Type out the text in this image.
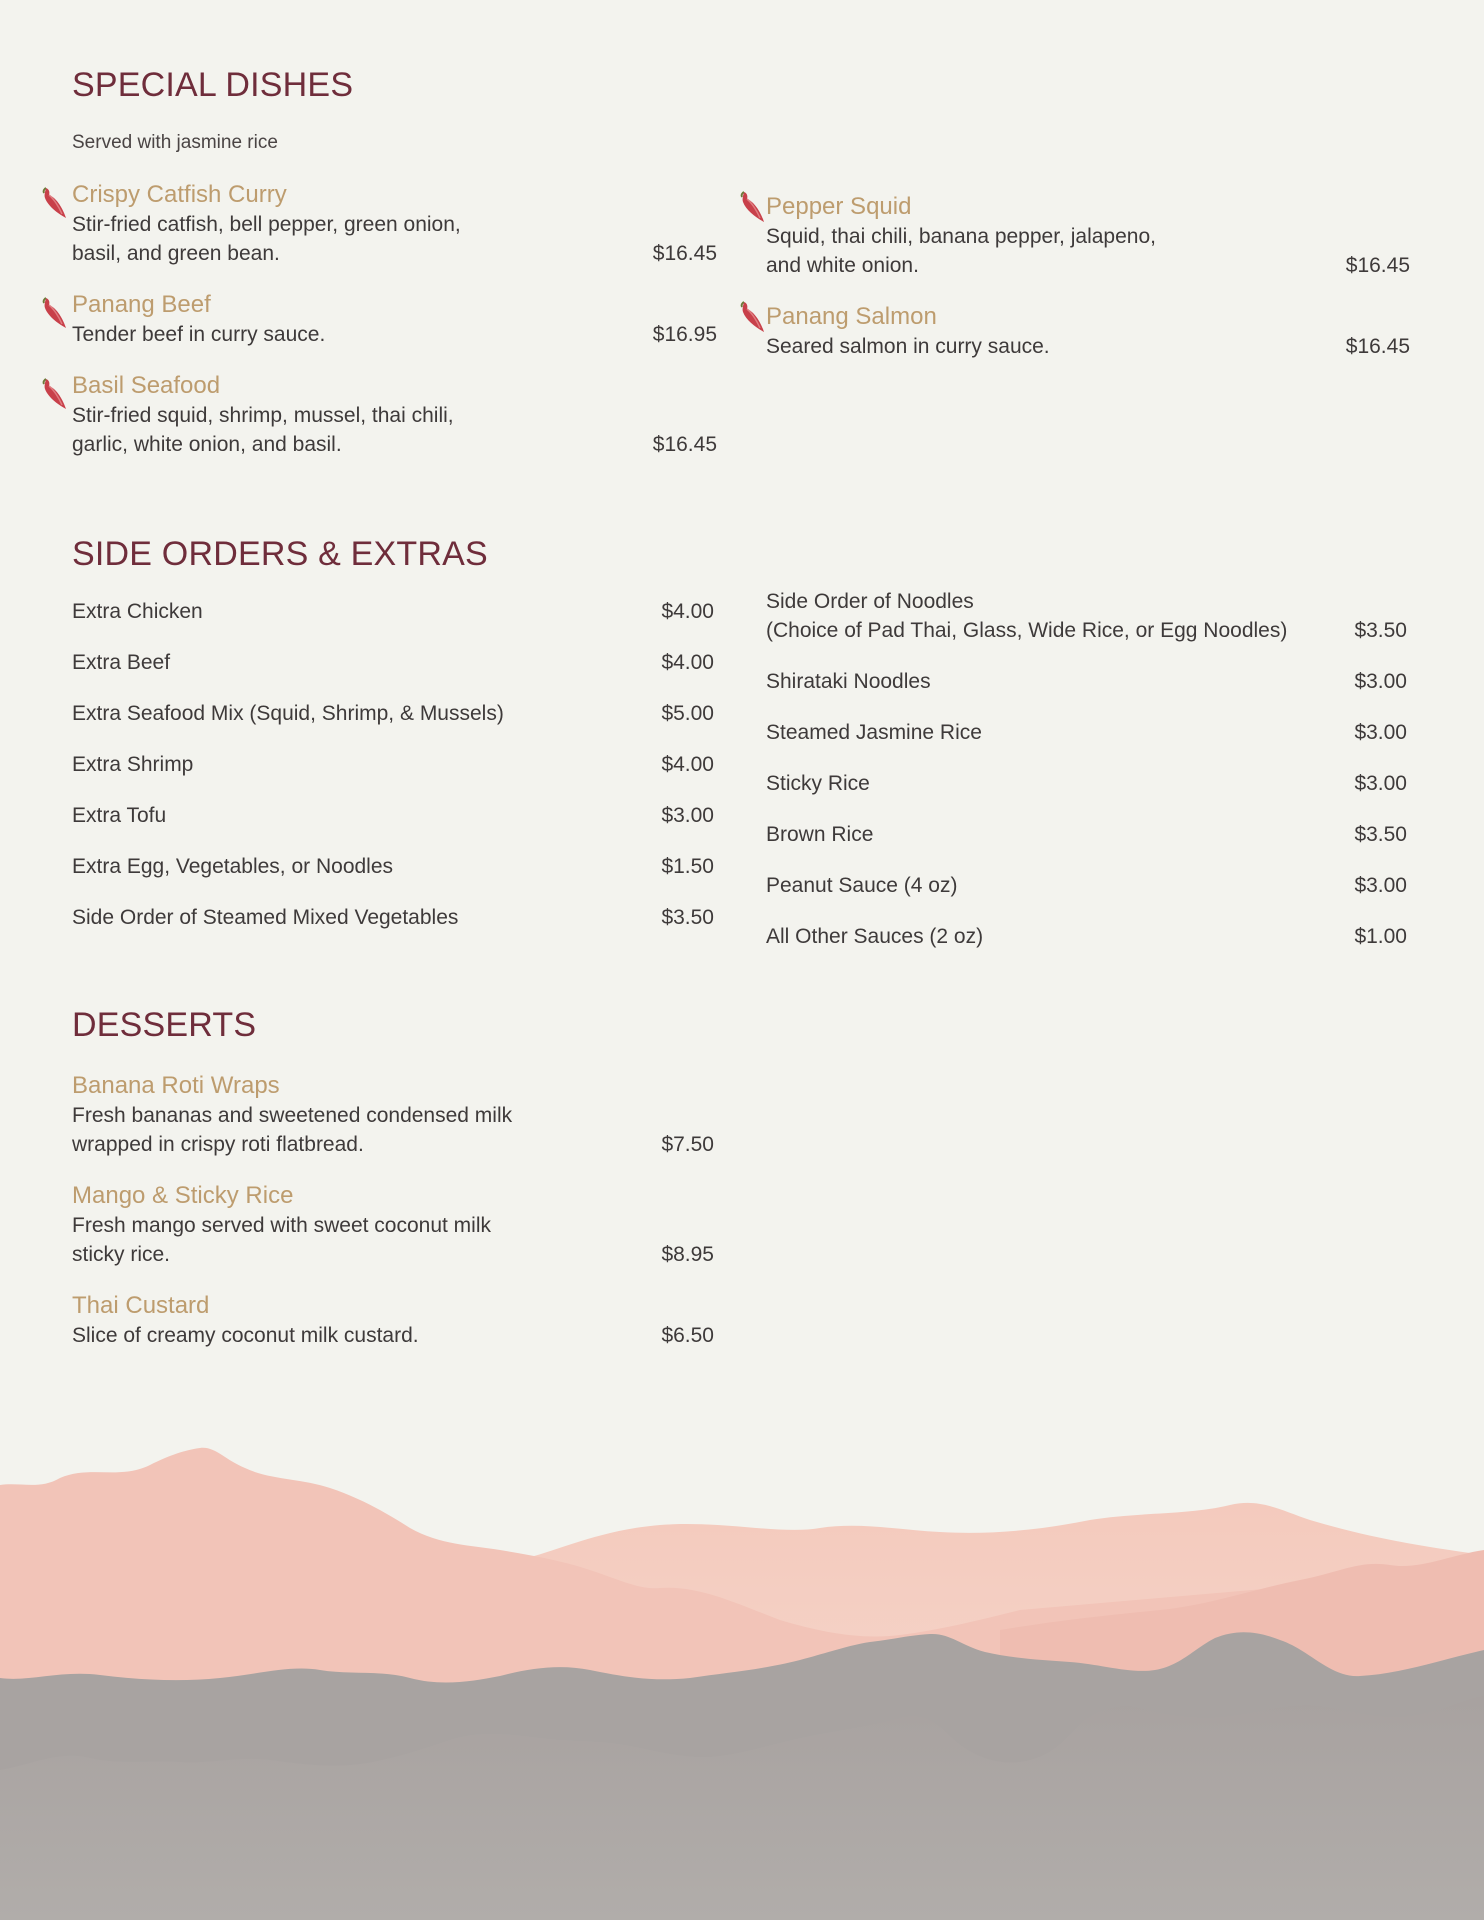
SPECIAL DISHES

Served with jasmine rice

Crispy Catfish Curry
Stir-fried catfish, bell pepper, green onion,
basil, and green bean.	$16.45
Panang Beef
Tender beef in curry sauce.	$16.95
Basil Seafood
Stir-fried squid, shrimp, mussel, thai chili,
garlic, white onion, and basil.	$16.45
Pepper Squid
Squid, thai chili, banana pepper, jalapeno,
and white onion.	$16.45
Panang Salmon
Seared salmon in curry sauce.	$16.45
SIDE ORDERS & EXTRAS
Extra Chicken	$4.00
Extra Beef	$4.00
Extra Seafood Mix (Squid, Shrimp, & Mussels)	$5.00
Extra Shrimp	$4.00
Extra Tofu	$3.00
Extra Egg, Vegetables, or Noodles	$1.50
Side Order of Steamed Mixed Vegetables	$3.50
Side Order of Noodles
(Choice of Pad Thai, Glass, Wide Rice, or Egg Noodles)	$3.50
Shirataki Noodles	$3.00
Steamed Jasmine Rice	$3.00
Sticky Rice	$3.00
Brown Rice	$3.50
Peanut Sauce (4 oz)	$3.00
All Other Sauces (2 oz)	$1.00
DESSERTS
Banana Roti Wraps
Fresh bananas and sweetened condensed milk
wrapped in crispy roti flatbread.	$7.50
Mango & Sticky Rice
Fresh mango served with sweet coconut milk
sticky rice.	$8.95
Thai Custard
Slice of creamy coconut milk custard.	$6.50
